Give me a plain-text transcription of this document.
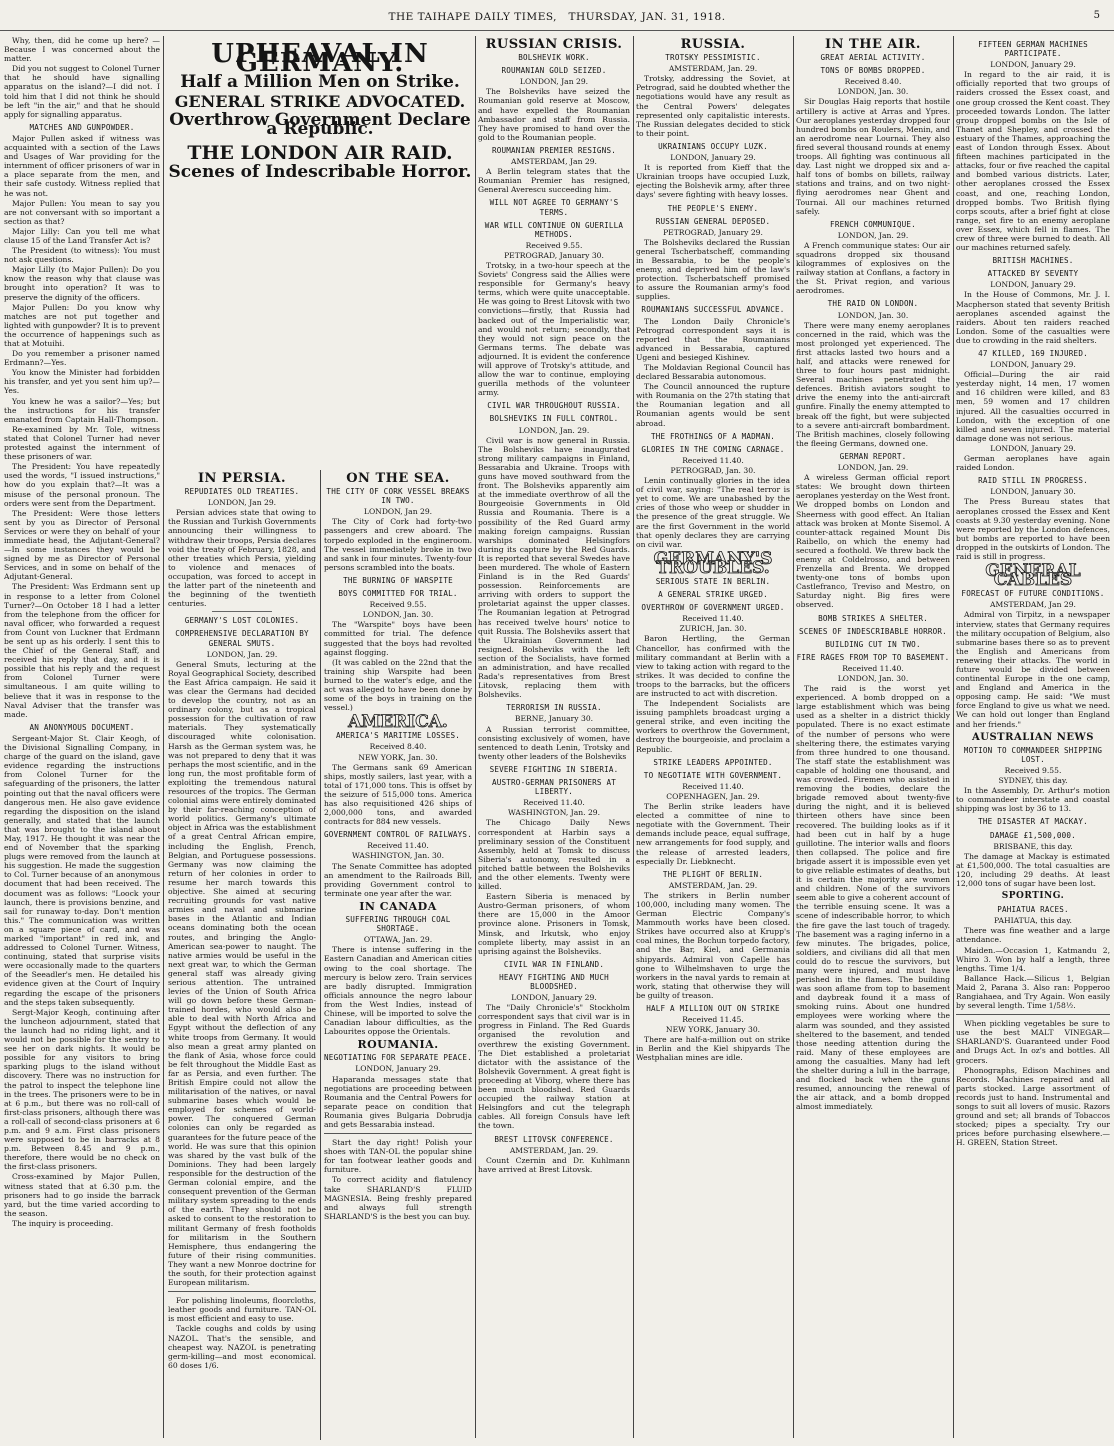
THE TAIHAPE DAILY TIMES, THURSDAY, JAN. 31, 1918.	5

Why, then, did he come up here? —Because I was concerned about the matter.

Did you not suggest to Colonel Turner that he should have signalling apparatus on the island?—I did not. I told him that I did not think he should be left "in the air," and that he should apply for signalling apparatus.

MATCHES AND GUNPOWDER.

Major Pullen asked if witness was acquainted with a section of the Laws and Usages of War providing for the internment of officer prisoners of war in a place separate from the men, and their safe custody. Witness replied that he was not.

Major Pullen: You mean to say you are not conversant with so important a section as that?

Major Lilly: Can you tell me what clause 15 of the Land Transfer Act is?

The President (to witness): You must not ask questions.

Major Lilly (to Major Pullen): Do you know the reason why that clause was brought into operation? It was to preserve the dignity of the officers.

Major Pullen: Do you know why matches are not put together and lighted with gunpowder? It is to prevent the occurrence of happenings such as that at Motuihi.

Do you remember a prisoner named Erdmann?—Yes.

You know the Minister had forbidden his transfer, and yet you sent him up?—Yes.

You knew he was a sailor?—Yes; but the instructions for his transfer emanated from Captain Hall-Thompson.

Re-examined by Mr. Tole, witness stated that Colonel Turner had never protested against the internment of these prisoners of war.

The President: You have repeatedly used the words, "I issued instructions," how do you explain that?—It was a misuse of the personal pronoun. The orders were sent from the Department.

The President: Were those letters sent by you as Director of Personal Services or were they on behalf of your immediate head, the Adjutant-General?—In some instances they would be signed by me as Director of Personal Services, and in some on behalf of the Adjutant-General.

The President: Was Erdmann sent up in response to a letter from Colonel Turner?—On October 18 I had a letter from the telephone from the officer for naval officer, who forwarded a request from Count von Luckner that Erdmann be sent up as his orderly. I sent this to the Chief of the General Staff, and received his reply that day, and it is possible that his reply and the request from Colonel Turner were simultaneous. I am quite willing to believe that it was in response to the Naval Adviser that the transfer was made.

AN ANONYMOUS DOCUMENT.

Sergeant-Major St. Clair Keogh, of the Divisional Signalling Company, in charge of the guard on the island, gave evidence regarding the instructions from Colonel Turner for the safeguarding of the prisoners, the latter pointing out that the naval officers were dangerous men. He also gave evidence regarding the disposition on the island generally, and stated that the launch that was brought to the island about May, 1917. He thought it was near the end of November that the sparking plugs were removed from the launch at his suggestion. He made the suggestion to Col. Turner because of an anonymous document that had been received. The document was as follows: "Loock your launch, there is provisions benzine, and sail for runaway to-day. Don't mention this." The communication was written on a square piece of card, and was marked "important" in red ink, and addressed to Colonel Turner. Witness, continuing, stated that surprise visits were occasionally made to the quarters of the Seeadler's men. He detailed his evidence given at the Court of Inquiry regarding the escape of the prisoners and the steps taken subsequently.

Sergt-Major Keogh, continuing after the luncheon adjournment, stated that the launch had no riding light, and it would not be possible for the sentry to see her on dark nights. It would be possible for any visitors to bring sparking plugs to the island without discovery. There was no instruction for the patrol to inspect the telephone line in the trees. The prisoners were to be in at 6 p.m., but there was no roll-call of first-class prisoners, although there was a roll-call of second-class prisoners at 6 p.m. and 9 a.m. First class prisoners were supposed to be in barracks at 8 p.m. Between 8.45 and 9 p.m., therefore, there would be no check on the first-class prisoners.

Cross-examined by Major Pullen, witness stated that at 6.30 p.m. the prisoners had to go inside the barrack yard, but the time varied according to the season.

The inquiry is proceeding.

UPHEAVAL IN GERMANY.
Half a Million Men on Strike.
GENERAL STRIKE ADVOCATED.
Overthrow Government Declare a Republic.
THE LONDON AIR RAID.
Scenes of Indescribable Horror.
IN PERSIA.
REPUDIATES OLD TREATIES.
LONDON, Jan 29.

Persian advices state that owing to the Russian and Turkish Governments announcing their willingness to withdraw their troops, Persia declares void the treaty of February, 1828, and other treaties which Persia, yielding to violence and menaces of occupation, was forced to accept in the latter part of the nineteenth and the beginning of the twentieth centuries.

GERMANY'S LOST COLONIES.
COMPREHENSIVE DECLARATION BY GENERAL SMUTS.
LONDON, Jan. 29.

General Smuts, lecturing at the Royal Geographical Society, described the East Africa campaign. He said it was clear the Germans had decided to develop the country, not as an ordinary colony, but as a tropical possession for the cultivation of raw materials. They systematically discouraged white colonisation. Harsh as the German system was, he was not prepared to deny that it was perhaps the most scientific, and in the long run, the most profitable form of exploiting the tremendous natural resources of the tropics. The German colonial aims were entirely dominated by their far-reaching conception of world politics. Germany's ultimate object in Africa was the establishment of a great Central African empire, including the English, French, Belgian, and Portuguese possessions. Germany was now claiming the return of her colonies in order to resume her march towards this objective. She aimed at securing recruiting grounds for vast native armies and naval and submarine bases in the Atlantic and Indian oceans dominating both the ocean routes, and bringing the Anglo-American sea-power to naught. The native armies would be useful in the next great war, to which the German general staff was already giving serious attention. The untrained levies of the Union of South Africa will go down before these German-trained hordes, who would also be able to deal with North Africa and Egypt without the deflection of any white troops from Germany. It would also mean a great army planted on the flank of Asia, whose force could be felt throughout the Middle East as far as Persia, and even further. The British Empire could not allow the militarisation of the natives, or naval submarine bases which would be employed for schemes of world-power. The conquered German colonies can only be regarded as guarantees for the future peace of the world. He was sure that this opinion was shared by the vast bulk of the Dominions. They had been largely responsible for the destruction of the German colonial empire, and the consequent prevention of the German military system spreading to the ends of the earth. They should not be asked to consent to the restoration to militant Germany of fresh footholds for militarism in the Southern Hemisphere, thus endangering the future of their rising communities. They want a new Monroe doctrine for the south, for their protection against European militarism.

For polishing linoleums, floorcloths, leather goods and furniture. TAN-OL is most efficient and easy to use.

Tackle coughs and colds by using NAZOL. That's the sensible, and cheapest way. NAZOL is penetrating germ-killing—and most economical. 60 doses 1/6.

ON THE SEA.
THE CITY OF CORK VESSEL BREAKS IN TWO.
LONDON, Jan 29.

The City of Cork had forty-two passengers and crew aboard. The torpedo exploded in the engineroom. The vessel immediately broke in two and sank in four minutes. Twenty-four persons scrambled into the boats.

THE BURNING OF WARSPITE
BOYS COMMITTED FOR TRIAL.
Received 9.55.
LONDON, Jan. 30.

The "Warspite" boys have been committed for trial. The defence suggested that the boys had revolted against flogging.

(It was cabled on the 22nd that the training ship Warspite had been burned to the water's edge, and the act was alleged to have been done by some of the boys in training on the vessel.)

AMERICA.
AMERICA'S MARITIME LOSSES.
Received 8.40.
NEW YORK, Jan. 30.

The Germans sank 69 American ships, mostly sailers, last year, with a total of 171,000 tons. This is offset by the seizure of 515,000 tons. America has also requisitioned 426 ships of 2,000,000 tons, and awarded contracts for 884 new vessels.

GOVERNMENT CONTROL OF RAILWAYS.
Received 11.40.
WASHINGTON, Jan. 30.

The Senate Committee has adopted an amendment to the Railroads Bill, providing Government control to terminate one year after the war.

IN CANADA
SUFFERING THROUGH COAL SHORTAGE.
OTTAWA, Jan. 29.

There is intense suffering in the Eastern Canadian and American cities owing to the coal shortage. The mercury is below zero. Train services are badly disrupted. Immigration officials announce the negro labour from the West Indies, instead of Chinese, will be imported to solve the Canadian labour difficulties, as the Labourites oppose the Orientals.

ROUMANIA.
NEGOTIATING FOR SEPARATE PEACE.
LONDON, January 29.

Haparanda messages state that negotiations are proceeding between Roumania and the Central Powers for separate peace on condition that Roumania gives Bulgaria Dobrudja and gets Bessarabia instead.

Start the day right! Polish your shoes with TAN-OL the popular shine for tan footwear leather goods and furniture.

To correct acidity and flatulency take SHARLAND'S FLUID MAGNESIA. Being freshly prepared and always full strength SHARLAND'S is the best you can buy.

RUSSIAN CRISIS.
BOLSHEVIK WORK.
ROUMANIAN GOLD SEIZED.
LONDON, Jan 29.

The Bolsheviks have seized the Roumanian gold reserve at Moscow, and have expelled the Roumanian Ambassador and staff from Russia. They have promised to hand over the gold to the Roumanian people.

ROUMANIAN PREMIER RESIGNS.
AMSTERDAM, Jan 29.

A Berlin telegram states that the Roumanian Premier has resigned, General Averescu succeeding him.

WILL NOT AGREE TO GERMANY'S TERMS.
WAR WILL CONTINUE ON GUERILLA METHODS.
Received 9.55.
PETROGRAD, January 30.

Trotsky, in a two-hour speech at the Soviets' Congress said the Allies were responsible for Germany's heavy terms, which were quite unacceptable. He was going to Brest Litovsk with two convictions—firstly, that Russia had backed out of the Imperialistic war, and would not return; secondly, that they would not sign peace on the Germans terms. The debate was adjourned. It is evident the conference will approve of Trotsky's attitude, and allow the war to continue, employing guerilla methods of the volunteer army.

CIVIL WAR THROUGHOUT RUSSIA.
BOLSHEVIKS IN FULL CONTROL.
LONDON, Jan. 29.

Civil war is now general in Russia. The Bolsheviks have inaugurated strong military campaigns in Finland, Bessarabia and Ukraine. Troops with guns have moved southward from the front. The Bolsheviks apparently aim at the immediate overthrow of all the Bourgeoisie Governments in Old Russia and Roumania. There is a possibility of the Red Guard army making foreign campaigns. Russian warships dominated Helsingfors during its capture by the Red Guards. It is reported that several Swedes have been murdered. The whole of Eastern Finland is in the Red Guards' possession. Reinforcements are arriving with orders to support the proletariat against the upper classes. The Roumanian legation at Petrograd has received twelve hours' notice to quit Russia. The Bolsheviks assert that the Ukrainian Government had resigned. Bolsheviks with the left section of the Socialists, have formed an administration, and have recalled Rada's representatives from Brest Litovsk, replacing them with Bolsheviks.

TERRORISM IN RUSSIA.
BERNE, January 30.

A Russian terrorist committee, consisting exclusively of women, have sentenced to death Lenin, Trotsky and twenty other leaders of the Bolsheviks

SEVERE FIGHTING IN SIBERIA.
AUSTRO-GERMAN PRISONERS AT LIBERTY.
Received 11.40.
WASHINGTON, Jan. 29.

The Chicago Daily News correspondent at Harbin says a preliminary session of the Constituent Assembly, held at Tomsk to discuss Siberia's autonomy, resulted in a pitched battle between the Bolsheviks and the other elements. Twenty were killed.

Eastern Siberia is menaced by Austro-German prisoners, of whom there are 15,000 in the Amoor province alone. Prisoners in Tomsk, Minsk, and Irkutsk, who enjoy complete liberty, may assist in an uprising against the Bolsheviks.

CIVIL WAR IN FINLAND.
HEAVY FIGHTING AND MUCH BLOODSHED.
LONDON, January 29.

The "Daily Chronicle's" Stockholm correspondent says that civil war is in progress in Finland. The Red Guards organised the revolution and overthrew the existing Government. The Diet established a proletariat dictator with the assistance of the Bolshevik Government. A great fight is proceeding at Viborg, where there has been much bloodshed. Red Guards occupied the railway station at Helsingfors and cut the telegraph cables. All foreign Consuls have left the town.

BREST LITOVSK CONFERENCE.
AMSTERDAM, Jan. 29.

Count Czernin and Dr. Kuhlmann have arrived at Brest Litovsk.

RUSSIA.
TROTSKY PESSIMISTIC.
AMSTERDAM, Jan. 29.

Trotsky, addressing the Soviet, at Petrograd, said he doubted whether the negotiations would have any result as the Central Powers' delegates represented only capitalistic interests. The Russian delegates decided to stick to their point.

UKRAINIANS OCCUPY LUZK.
LONDON, January 29.

It is reported from Kieff that the Ukrainian troops have occupied Luzk, ejecting the Bolshevik army, after three days' severe fighting with heavy losses.

THE PEOPLE'S ENEMY.
RUSSIAN GENERAL DEPOSED.
PETROGRAD, January 29.

The Bolsheviks declared the Russian general Tscherbatscheff, commanding in Bessarabia, to be the people's enemy, and deprived him of the law's protection. Tscherbatscheff promised to assure the Roumanian army's food supplies.

ROUMANIANS SUCCESSFUL ADVANCE.

The London Daily Chronicle's Petrograd correspondent says it is reported that the Roumanians advanced in Bessarabia, captured Ugeni and besieged Kishinev.

The Moldavian Regional Council has declared Bessarabia autonomous.

The Council announced the rupture with Roumania on the 27th stating that the Roumanian legation and all Roumanian agents would be sent abroad.

THE FROTHINGS OF A MADMAN.
GLORIES IN THE COMING CARNAGE.
Received 11.40.
PETROGRAD, Jan. 30.

Lenin continually glories in the idea of civil war, saying: "The real terror is yet to come. We are unabashed by the cries of those who weep or shudder in the presence of the great struggle. We are the first Government in the world that openly declares they are carrying on civil war.

GERMANY'S TROUBLES.
SERIOUS STATE IN BERLIN.
A GENERAL STRIKE URGED.
OVERTHROW OF GOVERNMENT URGED.
Received 11.40.
ZURICH, Jan. 30.

Baron Hertling, the German Chancellor, has confirmed with the military commandant at Berlin with a view to taking action with regard to the strikes. It was decided to confine the troops to the barracks, but the officers are instructed to act with discretion.

The Independent Socialists are issuing pamphlets broadcast urging a general strike, and even inciting the workers to overthrow the Government, destroy the bourgeoisie, and proclaim a Republic.

STRIKE LEADERS APPOINTED.
TO NEGOTIATE WITH GOVERNMENT.
Received 11.40.
COPENHAGEN, Jan. 29.

The Berlin strike leaders have elected a committee of nine to negotiate with the Government. Their demands include peace, equal suffrage, new arrangements for food supply, and the release of arrested leaders, especially Dr. Liebknecht.

THE PLIGHT OF BERLIN.
AMSTERDAM, Jan. 29.

The strikers in Berlin number 100,000, including many women. The German Electric Company's Mammouth works have been closed. Strikes have occurred also at Krupp's coal mines, the Bochun torpedo factory, and the Bar, Kiel, and Germania shipyards. Admiral von Capelle has gone to Wilhelmshaven to urge the workers in the naval yards to remain at work, stating that otherwise they will be guilty of treason.

HALF A MILLION OUT ON STRIKE
Received 11.45.
NEW YORK, January 30.

There are half-a-million out on strike in Berlin and the Kiel shipyards The Westphalian mines are idle.

IN THE AIR.
GREAT AERIAL ACTIVITY.
TONS OF BOMBS DROPPED.
Received 8.40.
LONDON, Jan. 30.

Sir Douglas Haig reports that hostile artillery is active at Arras and Ypres. Our aeroplanes yesterday dropped four hundred bombs on Roulers, Menin, and an aerodrome near Lournai. They also fired several thousand rounds at enemy troops. All fighting was continuous all day. Last night we dropped six and a-half tons of bombs on billets, railway stations and trains, and on two night-flying aerodromes near Ghent and Tournai. All our machines returned safely.

FRENCH COMMUNIQUE.
LONDON, Jan. 29.

A French communique states: Our air squadrons dropped six thousand kilogrammes of explosives on the railway station at Conflans, a factory in the St. Privat region, and various aerodromes.

THE RAID ON LONDON.
LONDON, Jan. 30.

There were many enemy aeroplanes concerned in the raid, which was the most prolonged yet experienced. The first attacks lasted two hours and a half, and attacks were renewed for three to four hours past midnight. Several machines penetrated the defences. British aviators sought to drive the enemy into the anti-aircraft gunfire. Finally the enemy attempted to break off the fight, but were subjected to a severe anti-aircraft bombardment. The British machines, closely following the fleeing Germans, downed one.

GERMAN REPORT.
LONDON, Jan. 29.

A wireless German official report states: We brought down thirteen aeroplanes yesterday on the West front. We dropped bombs on London and Sheerness with good effect. An Italian attack was broken at Monte Sisemol. A counter-attack regained Mount Dis Raibello, on which the enemy had secured a foothold. We threw back the enemy at Coldelrosso, and between Frenzella and Brenta. We dropped twenty-one tons of bombs upon Castlefranco, Treviso and Mestro, on Saturday night. Big fires were observed.

BOMB STRIKES A SHELTER.
SCENES OF INDESCRIBABLE HORROR.
BUILDING CUT IN TWO.
FIRE RAGES FROM TOP TO BASEMENT.
Received 11.40.
LONDON, Jan. 30.

The raid is the worst yet experienced. A bomb dropped on a large establishment which was being used as a shelter in a district thickly populated. There is no exact estimate of the number of persons who were sheltering there, the estimates varying from three hundred to one thousand. The staff state the establishment was capable of holding one thousand, and was crowded. Firemen who assisted in removing the bodies, declare the brigade removed about twenty-five during the night, and it is believed thirteen others have since been recovered. The building looks as if it had been cut in half by a huge guillotine. The interior walls and floors then collapsed. The police and fire brigade assert it is impossible even yet to give reliable estimates of deaths, but it is certain the majority are women and children. None of the survivors seem able to give a coherent account of the terrible ensuing scene. It was a scene of indescribable horror, to which the fire gave the last touch of tragedy. The basement was a raging inferno in a few minutes. The brigades, police, soldiers, and civilians did all that men could do to rescue the survivors, but many were injured, and must have perished in the flames. The building was soon aflame from top to basement and daybreak found it a mass of smoking ruins. About one hundred employees were working where the alarm was sounded, and they assisted sheltered to the basement, and tended those needing attention during the raid. Many of these employees are among the casualties. Many had left the shelter during a lull in the barrage, and flocked back when the guns resumed, announcing the renewal of the air attack, and a bomb dropped almost immediately.

FIFTEEN GERMAN MACHINES PARTICIPATE.
LONDON, January 29.

In regard to the air raid, it is officially reported that two groups of raiders crossed the Essex coast, and one group crossed the Kent coast. They proceeded towards London. The latter group dropped bombs on the Isle of Thanet and Shepley, and crossed the estuary of the Thames, approaching the east of London through Essex. About fifteen machines participated in the attacks, four or five reached the capital and bombed various districts. Later, other aeroplanes crossed the Essex coast, and one, reaching London, dropped bombs. Two British flying corps scouts, after a brief fight at close range, set fire to an enemy aeroplane over Essex, which fell in flames. The crew of three were burned to death. All our machines returned safely.

BRITISH MACHINES.
ATTACKED BY SEVENTY
LONDON, January 29.

In the House of Commons, Mr. J. I. Macpherson stated that seventy British aeroplanes ascended against the raiders. About ten raiders reached London. Some of the casualties were due to crowding in the raid shelters.

47 KILLED, 169 INJURED.
LONDON, January 29.

Official—During the air raid yesterday night, 14 men, 17 women and 16 children were killed, and 83 men, 59 women and 17 children injured. All the casualties occurred in London, with the exception of one killed and seven injured. The material damage done was not serious.

LONDON, January 29.

German aeroplanes have again raided London.

RAID STILL IN PROGRESS.
LONDON, January 30.

The Press Bureau states that aeroplanes crossed the Essex and Kent coasts at 9.30 yesterday evening. None were reported by the London defences, but bombs are reported to have been dropped in the outskirts of London. The raid is still in progress.

GENERAL CABLES
FORECAST OF FUTURE CONDITIONS.
AMSTERDAM, Jan 29.

Admiral von Tirpitz, in a newspaper interview, states that Germany requires the military occupation of Belgium, also submarine bases there so as to prevent the English and Americans from renewing their attacks. The world in future would be divided between continental Europe in the one camp, and England and America in the opposing camp. He said: "We must force England to give us what we need. We can hold out longer than England and her friends."

AUSTRALIAN NEWS
MOTION TO COMMANDEER SHIPPING LOST.
Received 9.55.
SYDNEY, this day.

In the Assembly, Dr. Arthur's motion to commandeer interstate and coastal shipping was lost by 36 to 13.

THE DISASTER AT MACKAY.
DAMAGE £1,500,000.
BRISBANE, this day.

The damage at Mackay is estimated at £1,500,000. The total casualties are 120, including 29 deaths. At least 12,000 tons of sugar have been lost.

SPORTING.
PAHIATUA RACES.
PAHIATUA, this day.

There was fine weather and a large attendance.

Maiden.—Occasion 1, Katmandu 2, Whiro 3. Won by half a length, three lengths. Time 1/4.

Ballance Hack.—Silicus 1, Belgian Maid 2, Parana 3. Also ran: Popperoo Rangiahaea, and Try Again. Won easily by several length. Time 1/58½.

When pickling vegetables be sure to use the best MALT VINEGAR—SHARLAND'S. Guaranteed under Food and Drugs Act. In oz's and bottles. All grocers.

Phonographs, Edison Machines and Records. Machines repaired and all parts stocked. Large assortment of records just to hand. Instrumental and songs to suit all lovers of music. Razors ground and set; all brands of Tobaccos stocked; pipes a specialty. Try our prices before purchasing elsewhere.—H. GREEN, Station Street.
